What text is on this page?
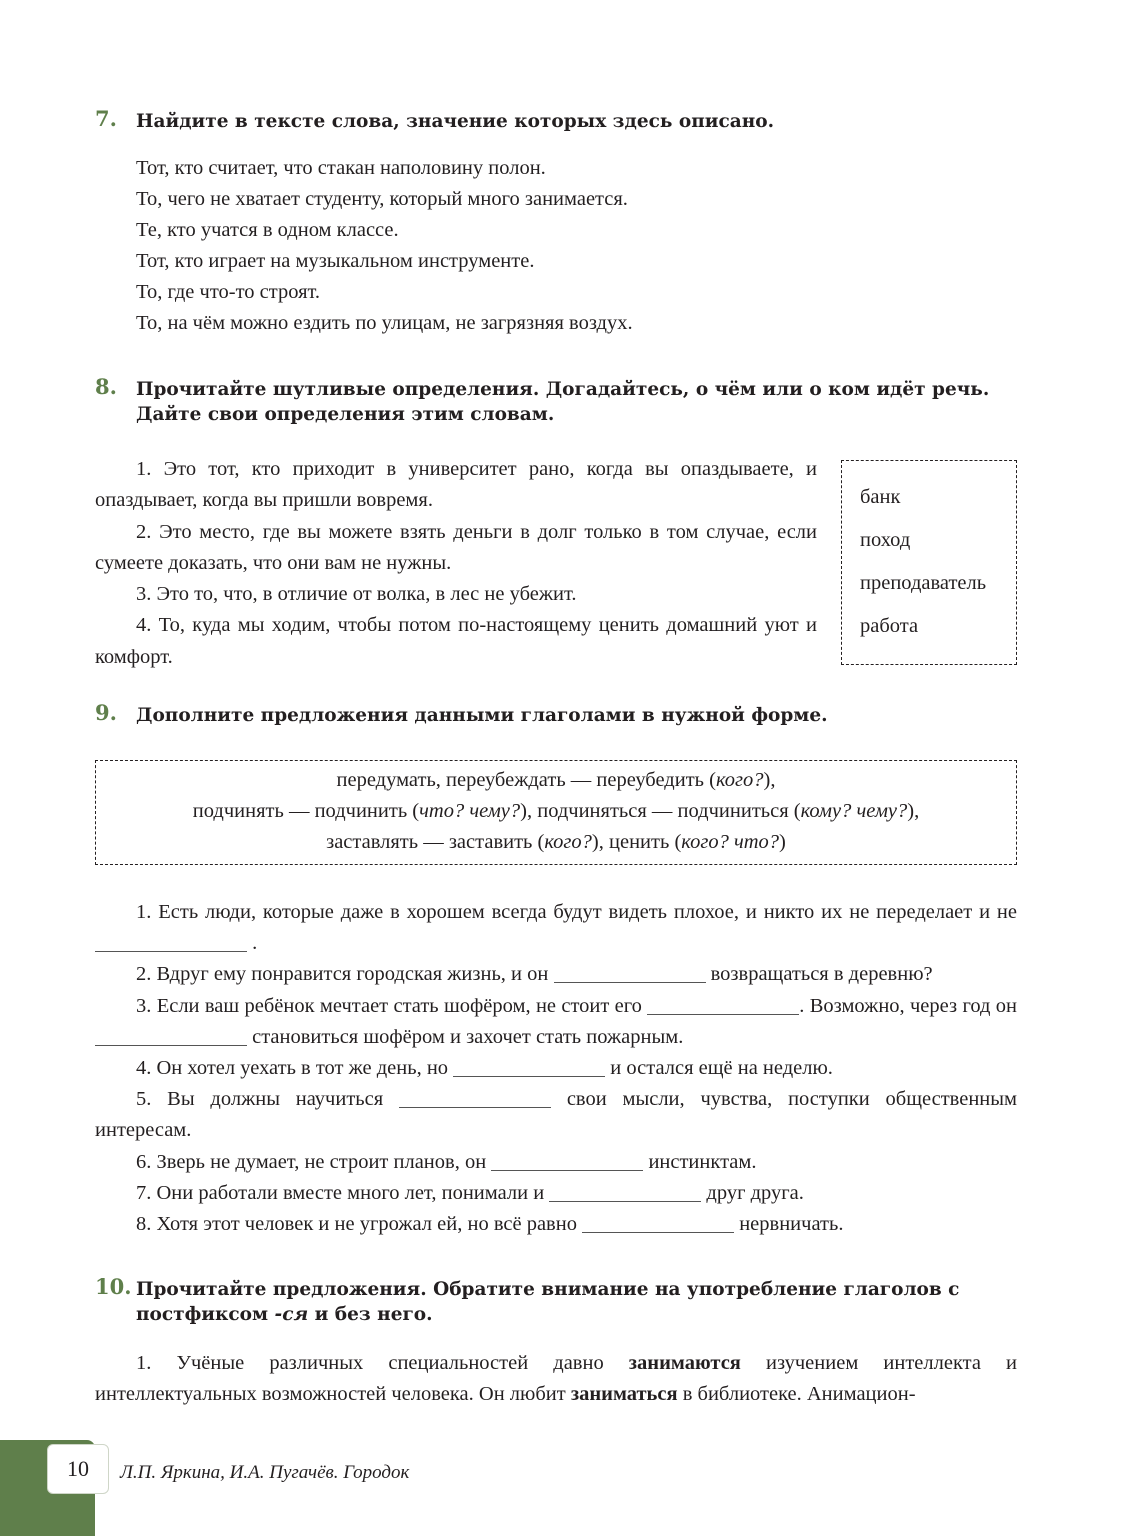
7. Найдите в тексте слова, значение которых здесь описано.
Тот, кто считает, что стакан наполовину полон.
То, чего не хватает студенту, который много занимается.
Те, кто учатся в одном классе.
Тот, кто играет на музыкальном инструменте.
То, где что-то строят.
То, на чём можно ездить по улицам, не загрязняя воздух.
8. Прочитайте шутливые определения. Догадайтесь, о чём или о ком идёт речь. Дайте свои определения этим словам.
1. Это тот, кто приходит в университет рано, когда вы опаздываете, и опаздывает, когда вы пришли вовремя.
2. Это место, где вы можете взять деньги в долг только в том случае, если сумеете доказать, что они вам не нужны.
3. Это то, что, в отличие от волка, в лес не убежит.
4. То, куда мы ходим, чтобы потом по-настоящему ценить домашний уют и комфорт.
банк
поход
преподаватель
работа
9. Дополните предложения данными глаголами в нужной форме.
передумать, переубеждать — переубедить (кого?),
подчинять — подчинить (что? чему?), подчиняться — подчиниться (кому? чему?),
заставлять — заставить (кого?), ценить (кого? что?)

1. Есть люди, которые даже в хорошем всегда будут видеть плохое, и никто их не переделает и не  .

2. Вдруг ему понравится городская жизнь, и он	возвращаться в деревню?

3. Если ваш ребёнок мечтает стать шофёром, не стоит его	. Возможно, через год он  становиться шофёром и захочет стать пожарным.

4. Он хотел уехать в тот же день, но	и остался ещё на неделю.

5. Вы должны научиться	свои мысли, чувства, поступки общественным интересам.

6. Зверь не думает, не строит планов, он	инстинктам.

7. Они работали вместе много лет, понимали и	друг друга.

8. Хотя этот человек и не угрожал ей, но всё равно	нервничать.

10. Прочитайте предложения. Обратите внимание на употребление глаголов с постфиксом -ся и без него.
1. Учёные различных специальностей давно занимаются изучением интеллекта и интеллектуальных возможностей человека. Он любит заниматься в библиотеке. Анимацион-
10	Л.П. Яркина, И.А. Пугачёв. Городок
